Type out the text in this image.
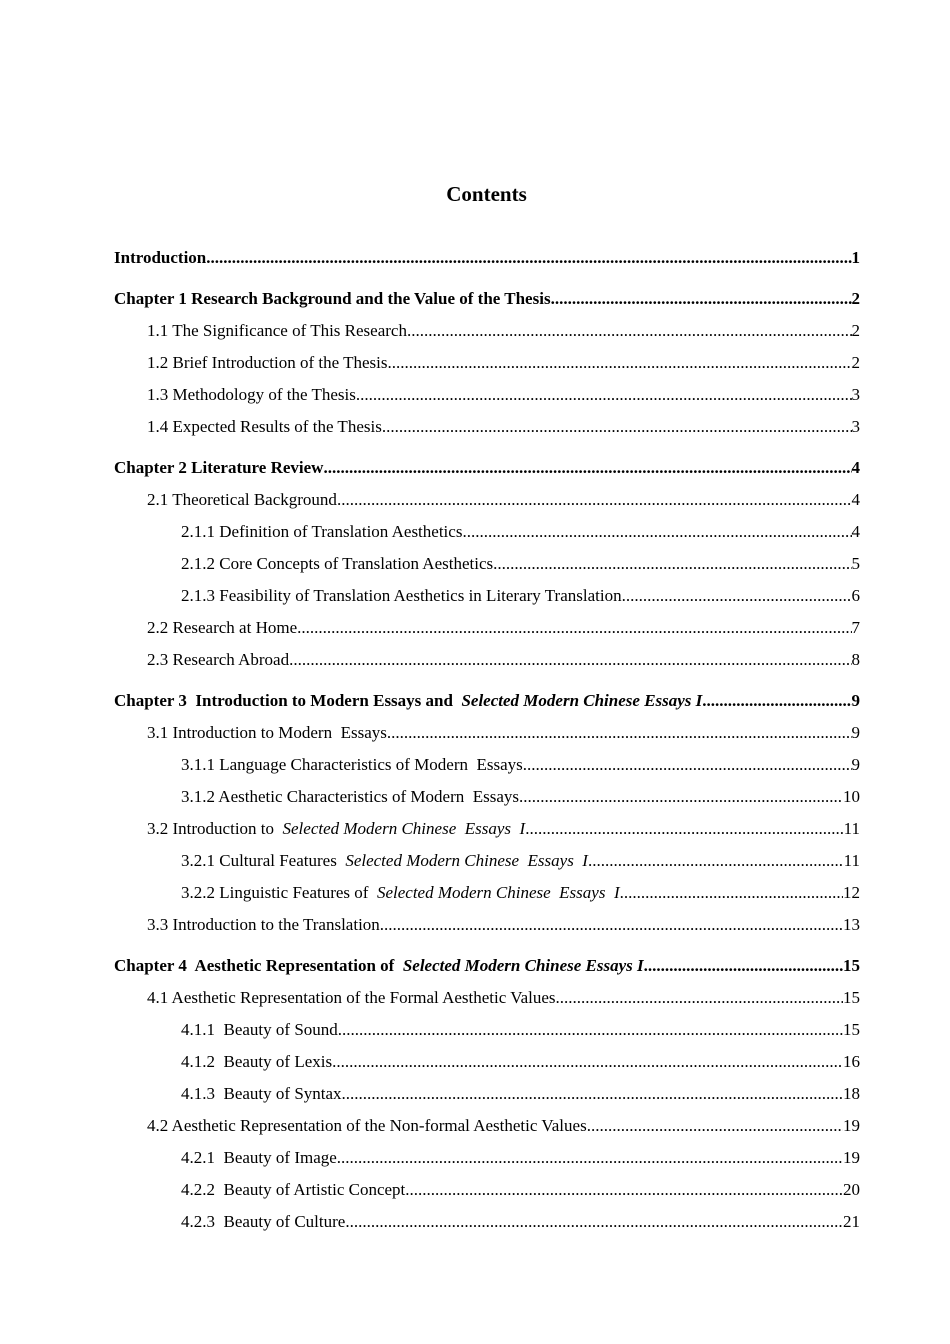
Contents
Introduction .....	1
Chapter 1 Research Background and the Value of the Thesis .....	2
1.1 The Significance of This Research .....	2
1.2 Brief Introduction of the Thesis .....	2
1.3 Methodology of the Thesis .....	3
1.4 Expected Results of the Thesis .....	3
Chapter 2 Literature Review .....	4
2.1 Theoretical Background .....	4
2.1.1 Definition of Translation Aesthetics .....	4
2.1.2 Core Concepts of Translation Aesthetics .....	5
2.1.3 Feasibility of Translation Aesthetics in Literary Translation .....	6
2.2 Research at Home .....	7
2.3 Research Abroad .....	8
Chapter 3  Introduction to Modern Essays and  Selected Modern Chinese Essays I .....	9
3.1 Introduction to Modern  Essays .....	9
3.1.1 Language Characteristics of Modern  Essays .....	9
3.1.2 Aesthetic Characteristics of Modern  Essays .....	10
3.2 Introduction to  Selected Modern Chinese  Essays  I .....	11
3.2.1 Cultural Features  Selected Modern Chinese  Essays  I .....	11
3.2.2 Linguistic Features of  Selected Modern Chinese  Essays  I .....	12
3.3 Introduction to the Translation .....	13
Chapter 4  Aesthetic Representation of  Selected Modern Chinese Essays I .....	15
4.1 Aesthetic Representation of the Formal Aesthetic Values .....	15
4.1.1  Beauty of Sound .....	15
4.1.2  Beauty of Lexis .....	16
4.1.3  Beauty of Syntax .....	18
4.2 Aesthetic Representation of the Non-formal Aesthetic Values .....	19
4.2.1  Beauty of Image .....	19
4.2.2  Beauty of Artistic Concept .....	20
4.2.3  Beauty of Culture .....	21
